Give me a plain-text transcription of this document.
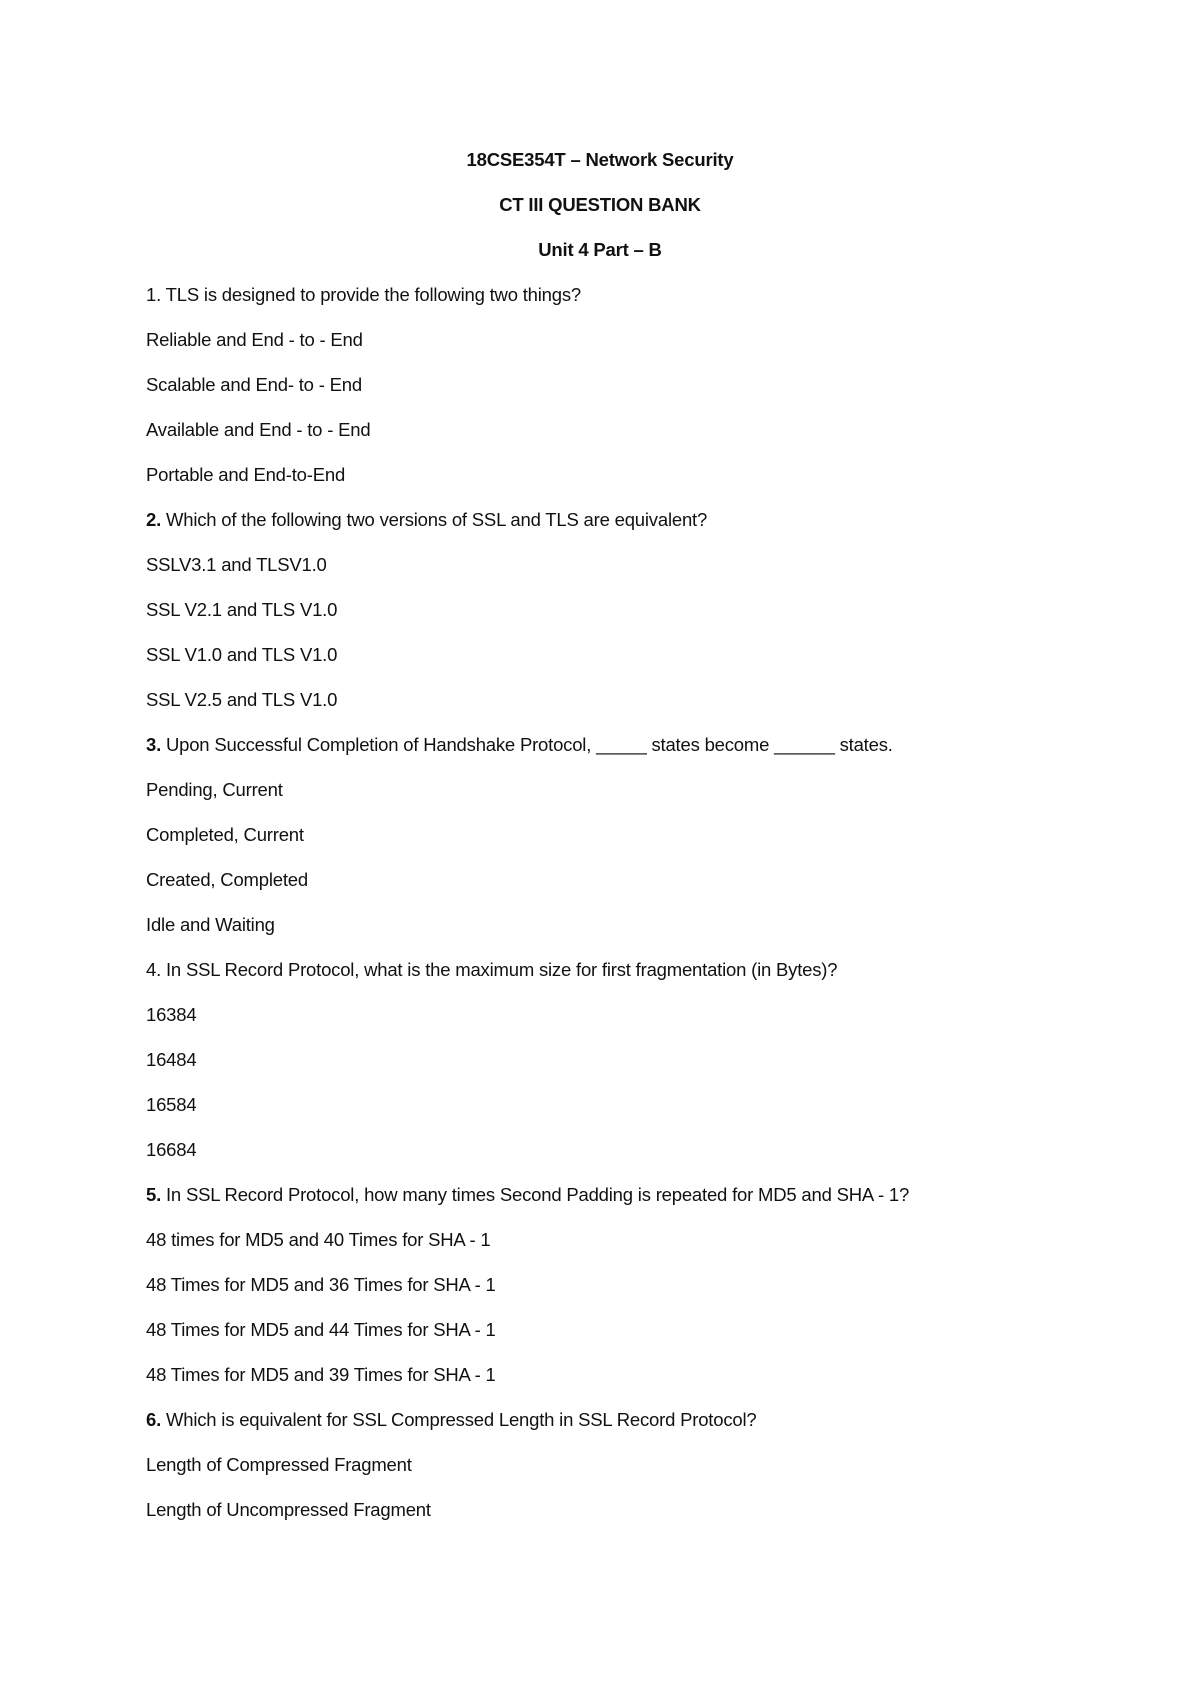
18CSE354T – Network Security
CT III QUESTION BANK
Unit 4 Part – B
1. TLS is designed to provide the following two things?
Reliable and End - to - End
Scalable and End- to - End
Available and End - to - End
Portable and End-to-End
2. Which of the following two versions of SSL and TLS are equivalent?
SSLV3.1 and TLSV1.0
SSL V2.1 and TLS V1.0
SSL V1.0 and TLS V1.0
SSL V2.5 and TLS V1.0
3. Upon Successful Completion of Handshake Protocol, _____ states become ______ states.
Pending, Current
Completed, Current
Created, Completed
Idle and Waiting
4. In SSL Record Protocol, what is the maximum size for first fragmentation (in Bytes)?
16384
16484
16584
16684
5. In SSL Record Protocol, how many times Second Padding is repeated for MD5 and SHA - 1?
48 times for MD5 and 40 Times for SHA - 1
48 Times for MD5 and 36 Times for SHA - 1
48 Times for MD5 and 44 Times for SHA - 1
48 Times for MD5 and 39 Times for SHA - 1
6. Which is equivalent for SSL Compressed Length in SSL Record Protocol?
Length of Compressed Fragment
Length of Uncompressed Fragment
